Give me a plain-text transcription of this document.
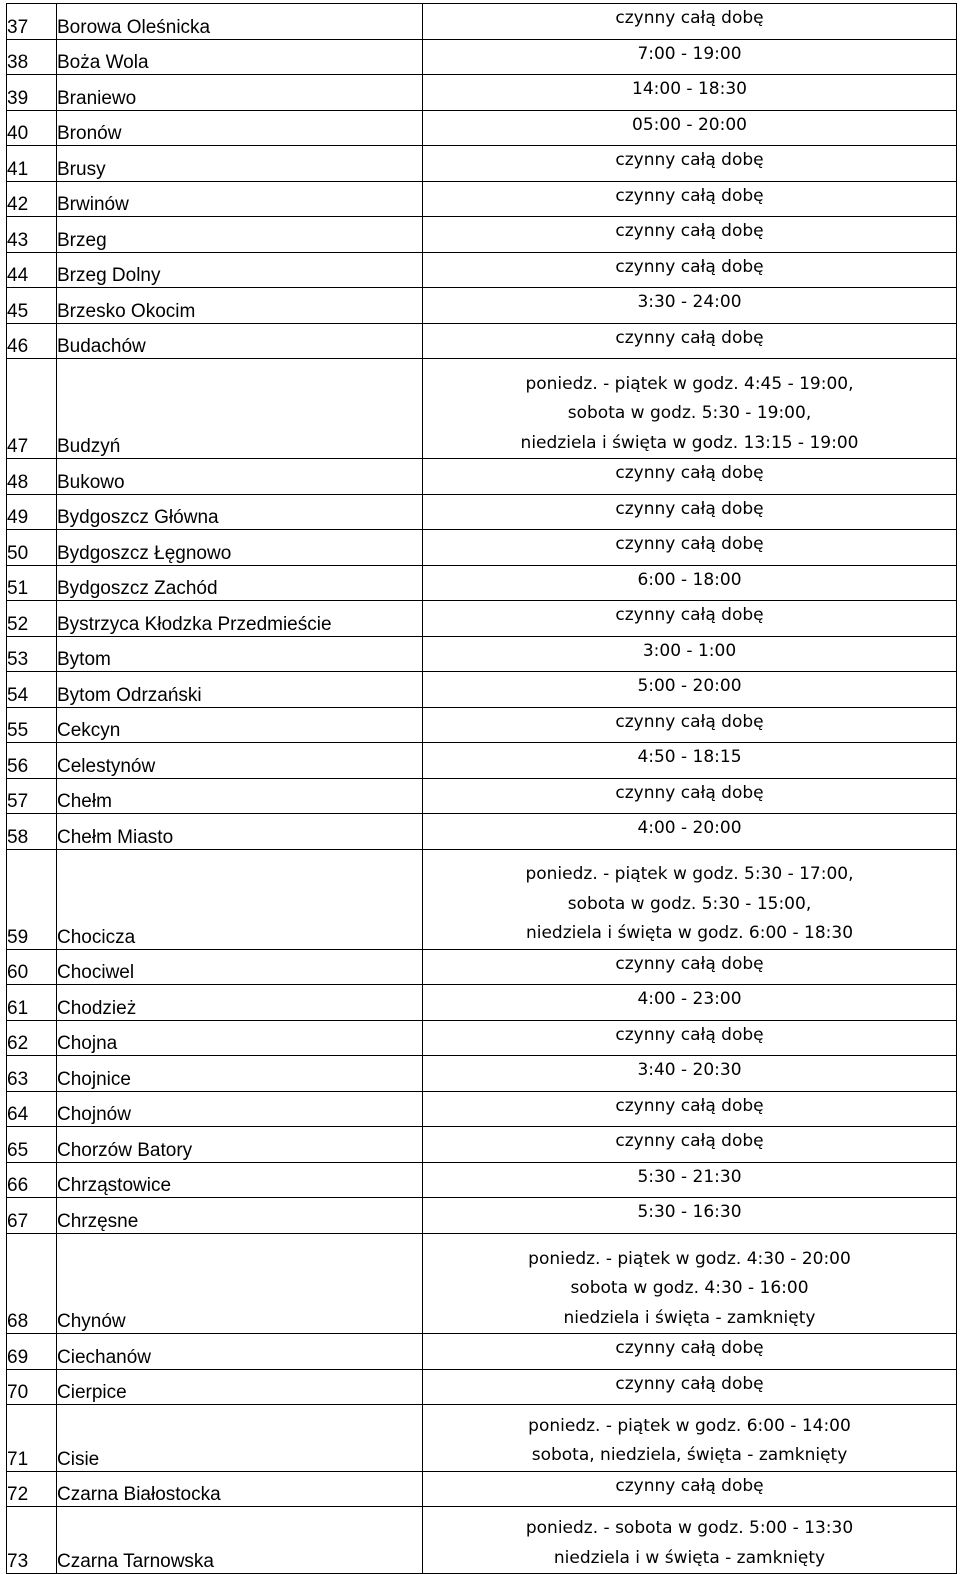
37	Borowa Oleśnicka	czynny całą dobę

38	Boża Wola	7:00 - 19:00

39	Braniewo	14:00 - 18:30

40	Bronów	05:00 - 20:00

41	Brusy	czynny całą dobę

42	Brwinów	czynny całą dobę

43	Brzeg	czynny całą dobę

44	Brzeg Dolny	czynny całą dobę

45	Brzesko Okocim	3:30 - 24:00

46	Budachów	czynny całą dobę

47	Budzyń	poniedz. - piątek w godz. 4:45 - 19:00,
sobota w godz. 5:30 - 19:00,
niedziela i święta w godz. 13:15 - 19:00

48	Bukowo	czynny całą dobę

49	Bydgoszcz Główna	czynny całą dobę

50	Bydgoszcz Łęgnowo	czynny całą dobę

51	Bydgoszcz Zachód	6:00 - 18:00

52	Bystrzyca Kłodzka Przedmieście	czynny całą dobę

53	Bytom	3:00 - 1:00

54	Bytom Odrzański	5:00 - 20:00

55	Cekcyn	czynny całą dobę

56	Celestynów	4:50 - 18:15

57	Chełm	czynny całą dobę

58	Chełm Miasto	4:00 - 20:00

59	Chocicza	poniedz. - piątek w godz. 5:30 - 17:00,
sobota w godz. 5:30 - 15:00,
niedziela i święta w godz. 6:00 - 18:30

60	Chociwel	czynny całą dobę

61	Chodzież	4:00 - 23:00

62	Chojna	czynny całą dobę

63	Chojnice	3:40 - 20:30

64	Chojnów	czynny całą dobę

65	Chorzów Batory	czynny całą dobę

66	Chrząstowice	5:30 - 21:30

67	Chrzęsne	5:30 - 16:30

68	Chynów	poniedz. - piątek w godz. 4:30 - 20:00
sobota w godz. 4:30 - 16:00
niedziela i święta - zamknięty

69	Ciechanów	czynny całą dobę

70	Cierpice	czynny całą dobę

71	Cisie	poniedz. - piątek w godz. 6:00 - 14:00
sobota, niedziela, święta - zamknięty

72	Czarna Białostocka	czynny całą dobę

73	Czarna Tarnowska	poniedz. - sobota w godz. 5:00 - 13:30
niedziela i w święta - zamknięty
